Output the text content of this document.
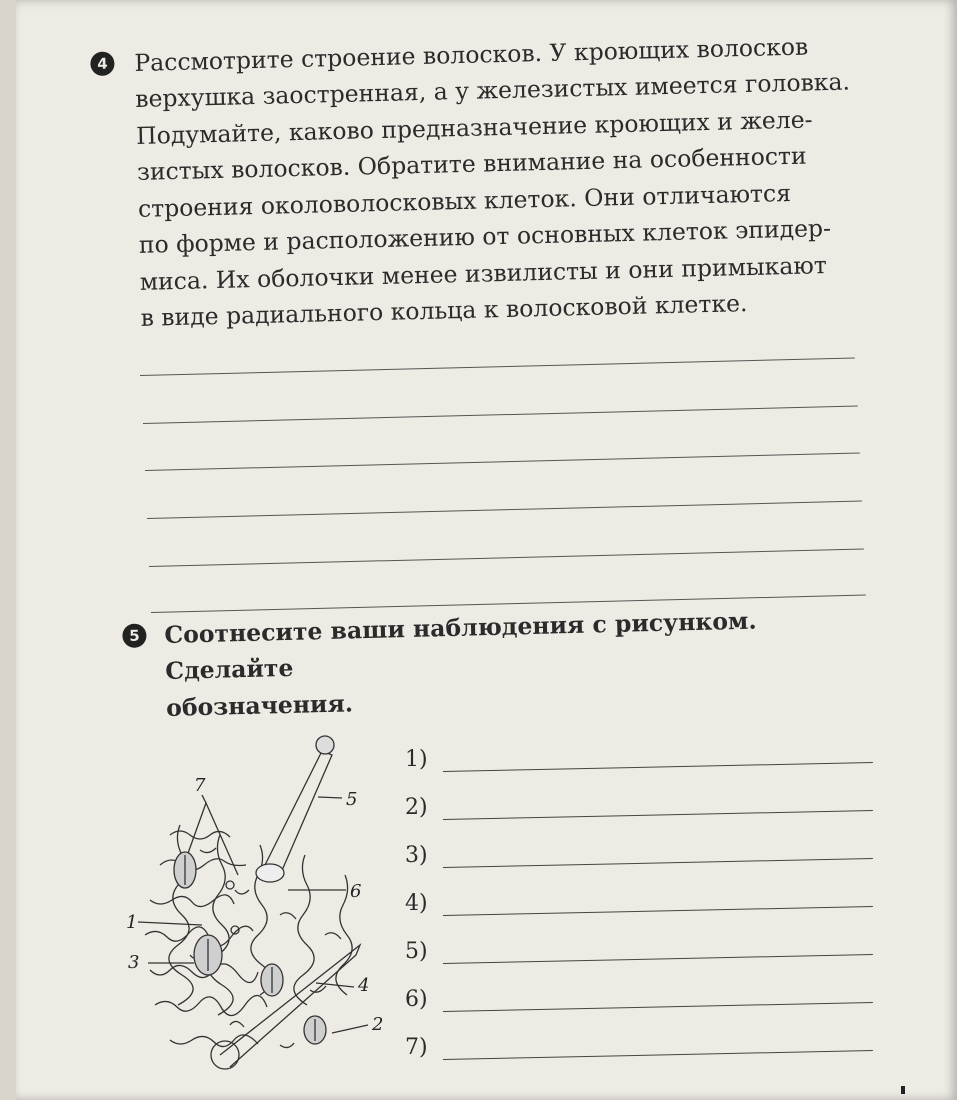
4 Рассмотрите строение волосков. У кроющих волосков
верхушка заостренная, а у железистых имеется головка.
Подумайте, каково предназначение кроющих и желе-
зистых волосков. Обратите внимание на особенности
строения околоволосковых клеток. Они отличаются
по форме и расположению от основных клеток эпидер-
миса. Их оболочки менее извилисты и они примыкают
в виде радиального кольца к волосковой клетке.
5 Соотнесите ваши наблюдения с рисунком. Сделайте
обозначения.
1
2
3
4
5
6
7
1)
2)
3)
4)
5)
6)
7)
